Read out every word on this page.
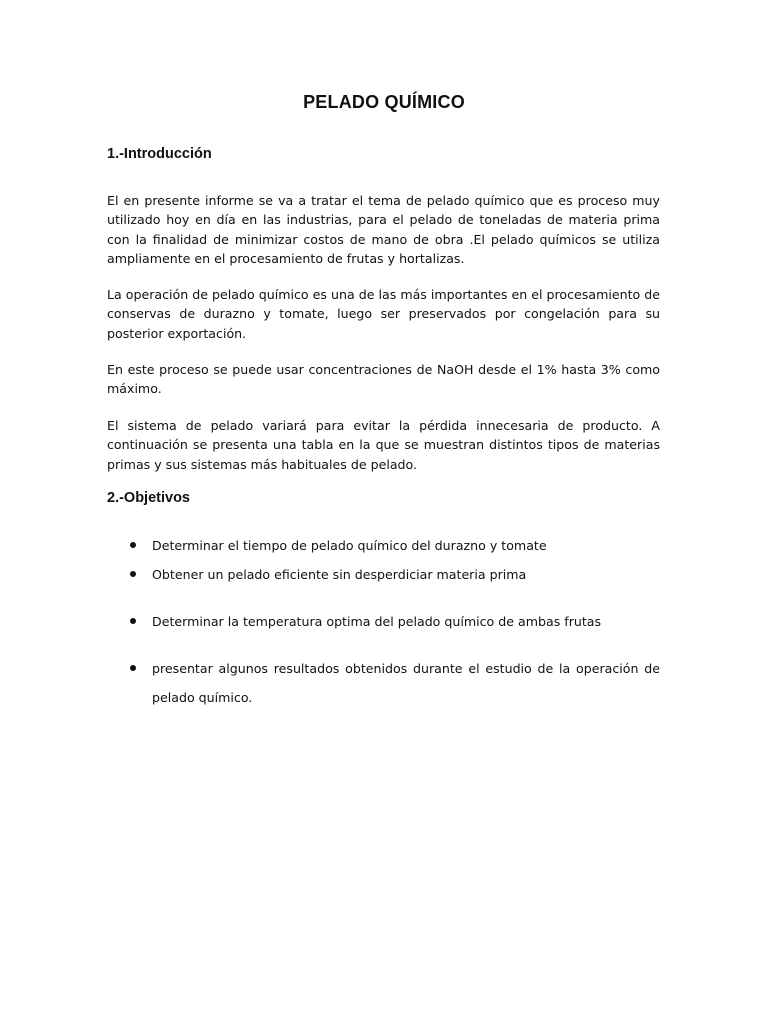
PELADO QUÍMICO
1.-Introducción

El en presente informe se va a tratar el tema de pelado químico que es proceso muy utilizado hoy en día en las industrias, para el pelado de toneladas de materia prima con la finalidad de minimizar costos de mano de obra .El pelado químicos se utiliza ampliamente en el procesamiento de frutas y hortalizas.

La operación de pelado químico es una de las más importantes en el procesamiento de conservas de durazno y tomate, luego ser preservados por congelación para su posterior exportación.

En este proceso se puede usar concentraciones de NaOH desde el 1% hasta 3% como máximo.

El sistema de pelado variará para evitar la pérdida innecesaria de producto. A continuación se presenta una tabla en la que se muestran distintos tipos de materias primas y sus sistemas más habituales de pelado.

2.-Objetivos
Determinar el tiempo de pelado químico del durazno y tomate
Obtener un pelado eficiente sin desperdiciar materia prima
Determinar la temperatura optima del pelado químico de ambas frutas
presentar algunos resultados obtenidos durante el estudio de la operación de pelado químico.
